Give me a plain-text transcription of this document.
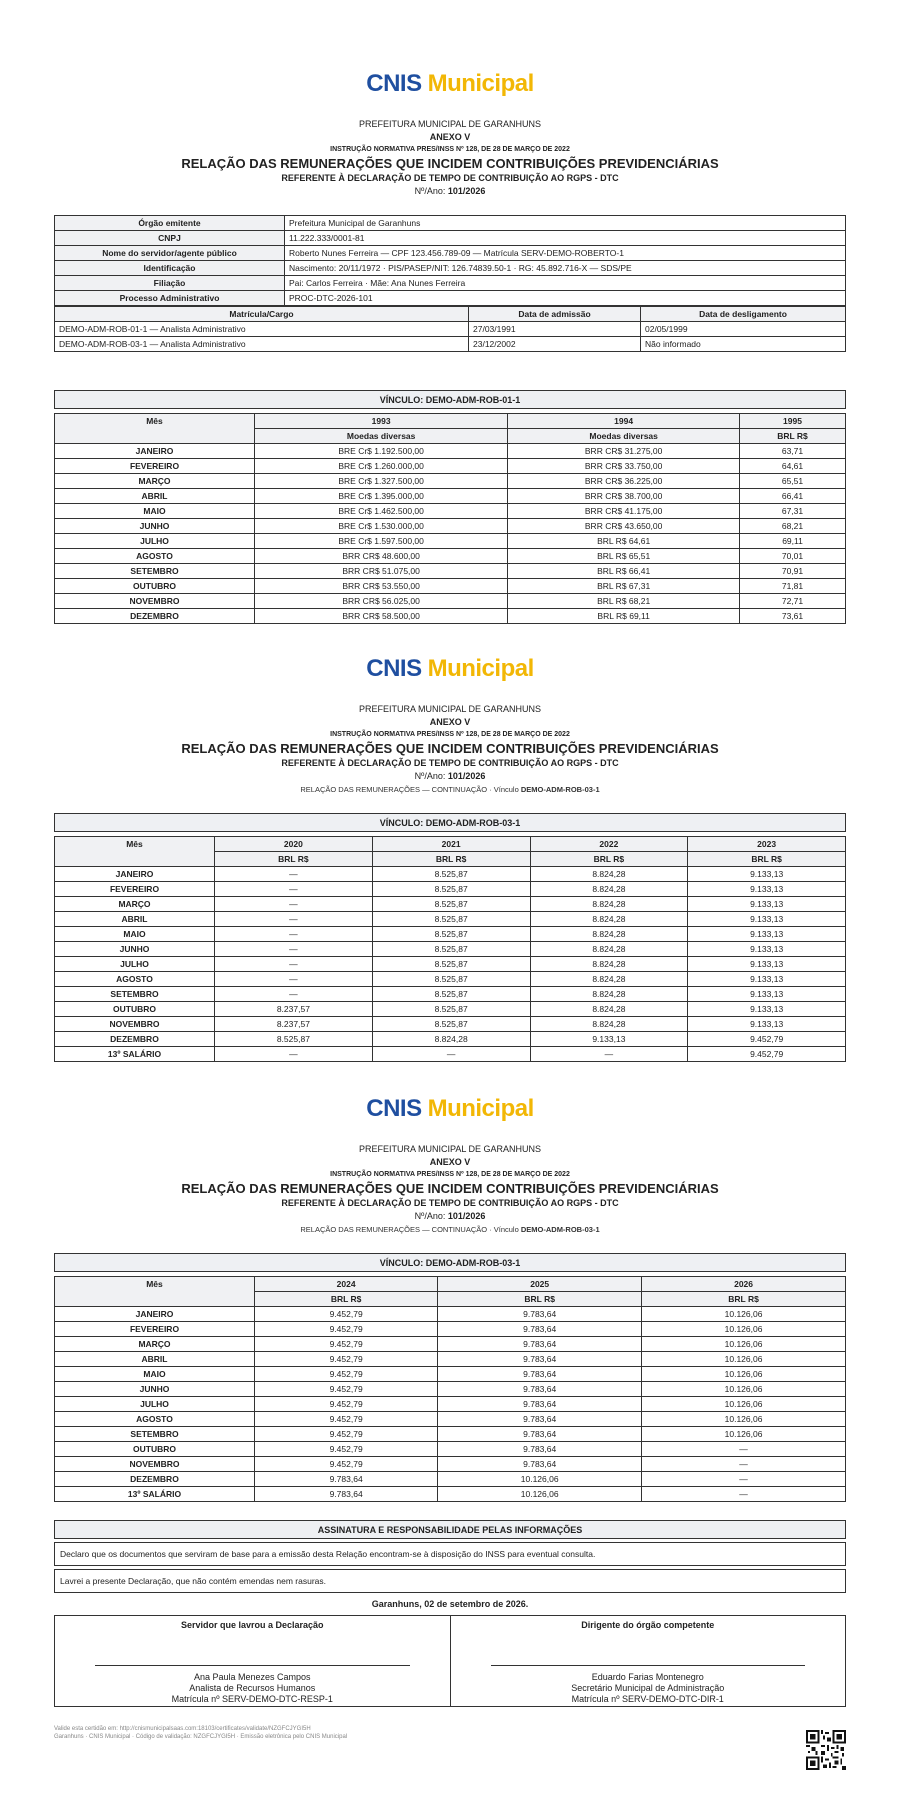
CNIS Municipal
PREFEITURA MUNICIPAL DE GARANHUNS
ANEXO V
INSTRUÇÃO NORMATIVA PRES/INSS Nº 128, DE 28 DE MARÇO DE 2022
RELAÇÃO DAS REMUNERAÇÕES QUE INCIDEM CONTRIBUIÇÕES PREVIDENCIÁRIAS
REFERENTE À DECLARAÇÃO DE TEMPO DE CONTRIBUIÇÃO AO RGPS - DTC
Nº/Ano: 101/2026
Órgão emitente	Prefeitura Municipal de Garanhuns
CNPJ	11.222.333/0001-81
Nome do servidor/agente público	Roberto Nunes Ferreira — CPF 123.456.789-09 — Matrícula SERV-DEMO-ROBERTO-1
Identificação	Nascimento: 20/11/1972 · PIS/PASEP/NIT: 126.74839.50-1 · RG: 45.892.716-X — SDS/PE
Filiação	Pai: Carlos Ferreira · Mãe: Ana Nunes Ferreira
Processo Administrativo	PROC-DTC-2026-101
Matrícula/Cargo	Data de admissão	Data de desligamento
DEMO-ADM-ROB-01-1 — Analista Administrativo	27/03/1991	02/05/1999
DEMO-ADM-ROB-03-1 — Analista Administrativo	23/12/2002	Não informado
VÍNCULO: DEMO-ADM-ROB-01-1
Mês	1993	1994	1995
	Moedas diversas	Moedas diversas	BRL R$
JANEIRO	BRE Cr$ 1.192.500,00	BRR CR$ 31.275,00	63,71
FEVEREIRO	BRE Cr$ 1.260.000,00	BRR CR$ 33.750,00	64,61
MARÇO	BRE Cr$ 1.327.500,00	BRR CR$ 36.225,00	65,51
ABRIL	BRE Cr$ 1.395.000,00	BRR CR$ 38.700,00	66,41
MAIO	BRE Cr$ 1.462.500,00	BRR CR$ 41.175,00	67,31
JUNHO	BRE Cr$ 1.530.000,00	BRR CR$ 43.650,00	68,21
JULHO	BRE Cr$ 1.597.500,00	BRL R$ 64,61	69,11
AGOSTO	BRR CR$ 48.600,00	BRL R$ 65,51	70,01
SETEMBRO	BRR CR$ 51.075,00	BRL R$ 66,41	70,91
OUTUBRO	BRR CR$ 53.550,00	BRL R$ 67,31	71,81
NOVEMBRO	BRR CR$ 56.025,00	BRL R$ 68,21	72,71
DEZEMBRO	BRR CR$ 58.500,00	BRL R$ 69,11	73,61
CNIS Municipal
PREFEITURA MUNICIPAL DE GARANHUNS
ANEXO V
INSTRUÇÃO NORMATIVA PRES/INSS Nº 128, DE 28 DE MARÇO DE 2022
RELAÇÃO DAS REMUNERAÇÕES QUE INCIDEM CONTRIBUIÇÕES PREVIDENCIÁRIAS
REFERENTE À DECLARAÇÃO DE TEMPO DE CONTRIBUIÇÃO AO RGPS - DTC
Nº/Ano: 101/2026
RELAÇÃO DAS REMUNERAÇÕES — CONTINUAÇÃO · Vínculo DEMO-ADM-ROB-03-1
VÍNCULO: DEMO-ADM-ROB-03-1
Mês	2020	2021	2022	2023
	BRL R$	BRL R$	BRL R$	BRL R$
JANEIRO	—	8.525,87	8.824,28	9.133,13
FEVEREIRO	—	8.525,87	8.824,28	9.133,13
MARÇO	—	8.525,87	8.824,28	9.133,13
ABRIL	—	8.525,87	8.824,28	9.133,13
MAIO	—	8.525,87	8.824,28	9.133,13
JUNHO	—	8.525,87	8.824,28	9.133,13
JULHO	—	8.525,87	8.824,28	9.133,13
AGOSTO	—	8.525,87	8.824,28	9.133,13
SETEMBRO	—	8.525,87	8.824,28	9.133,13
OUTUBRO	8.237,57	8.525,87	8.824,28	9.133,13
NOVEMBRO	8.237,57	8.525,87	8.824,28	9.133,13
DEZEMBRO	8.525,87	8.824,28	9.133,13	9.452,79
13º SALÁRIO	—	—	—	9.452,79
CNIS Municipal
PREFEITURA MUNICIPAL DE GARANHUNS
ANEXO V
INSTRUÇÃO NORMATIVA PRES/INSS Nº 128, DE 28 DE MARÇO DE 2022
RELAÇÃO DAS REMUNERAÇÕES QUE INCIDEM CONTRIBUIÇÕES PREVIDENCIÁRIAS
REFERENTE À DECLARAÇÃO DE TEMPO DE CONTRIBUIÇÃO AO RGPS - DTC
Nº/Ano: 101/2026
RELAÇÃO DAS REMUNERAÇÕES — CONTINUAÇÃO · Vínculo DEMO-ADM-ROB-03-1
VÍNCULO: DEMO-ADM-ROB-03-1
Mês	2024	2025	2026
	BRL R$	BRL R$	BRL R$
JANEIRO	9.452,79	9.783,64	10.126,06
FEVEREIRO	9.452,79	9.783,64	10.126,06
MARÇO	9.452,79	9.783,64	10.126,06
ABRIL	9.452,79	9.783,64	10.126,06
MAIO	9.452,79	9.783,64	10.126,06
JUNHO	9.452,79	9.783,64	10.126,06
JULHO	9.452,79	9.783,64	10.126,06
AGOSTO	9.452,79	9.783,64	10.126,06
SETEMBRO	9.452,79	9.783,64	10.126,06
OUTUBRO	9.452,79	9.783,64	—
NOVEMBRO	9.452,79	9.783,64	—
DEZEMBRO	9.783,64	10.126,06	—
13º SALÁRIO	9.783,64	10.126,06	—
ASSINATURA E RESPONSABILIDADE PELAS INFORMAÇÕES
Declaro que os documentos que serviram de base para a emissão desta Relação encontram-se à disposição do INSS para eventual consulta.
Lavrei a presente Declaração, que não contém emendas nem rasuras.
Garanhuns, 02 de setembro de 2026.
Servidor que lavrou a Declaração
Ana Paula Menezes Campos
Analista de Recursos Humanos
Matrícula nº SERV-DEMO-DTC-RESP-1
Dirigente do órgão competente
Eduardo Farias Montenegro
Secretário Municipal de Administração
Matrícula nº SERV-DEMO-DTC-DIR-1
Valide esta certidão em: http://cnismunicipalsaas.com:18103/certificates/validate/NZGFCJYGI5H
Garanhuns · CNIS Municipal · Código de validação: NZGFCJYGI5H · Emissão eletrônica pelo CNIS Municipal
